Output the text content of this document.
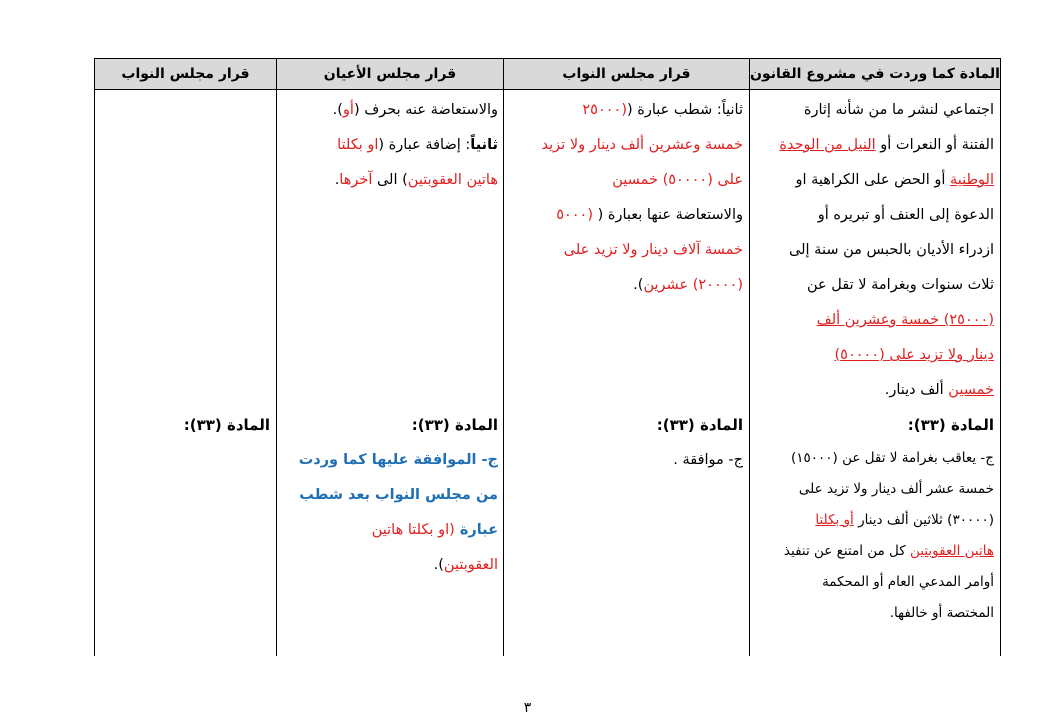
المادة كما وردت في مشروع القانون
قرار مجلس النواب
قرار مجلس الأعيان
قرار مجلس النواب

اجتماعي لنشر ما من شأنه إثارة

الفتنة أو النعرات أو النيل من الوحدة

الوطنية أو الحض على الكراهية او

الدعوة إلى العنف أو تبريره أو

ازدراء الأديان بالحبس من سنة إلى

ثلاث سنوات وبغرامة لا تقل عن

(٢٥٠٠٠) خمسة وعشرين ألف

دينار ولا تزيد على (٥٠٠٠٠)

خمسين ألف دينار.

المادة (٣٣):

ج- يعاقب بغرامة لا تقل عن (١٥٠٠٠)

خمسة عشر ألف دينار ولا تزيد على

(٣٠٠٠٠) ثلاثين ألف دينار أو بكلتا

هاتين العقوبتين كل من امتنع عن تنفيذ

أوامر المدعي العام أو المحكمة

المختصة أو خالفها.

ثانياً: شطب عبارة ((٢٥٠٠٠

خمسة وعشرين ألف دينار ولا تزيد

على (٥٠٠٠٠) خمسين

والاستعاضة عنها بعبارة ( (٥٠٠٠

خمسة آلاف دينار ولا تزيد على

(٢٠٠٠٠) عشرين).

المادة (٣٣):

ج- موافقة .

والاستعاضة عنه بحرف (أو).

ثانياً: إضافة عبارة (او بكلتا

هاتين العقوبتين) الى آخرها.

المادة (٣٣):

ج- الموافقة عليها كما وردت

من مجلس النواب بعد شطب

عبارة (او بكلتا هاتين

العقوبتين).

المادة (٣٣):

٣
